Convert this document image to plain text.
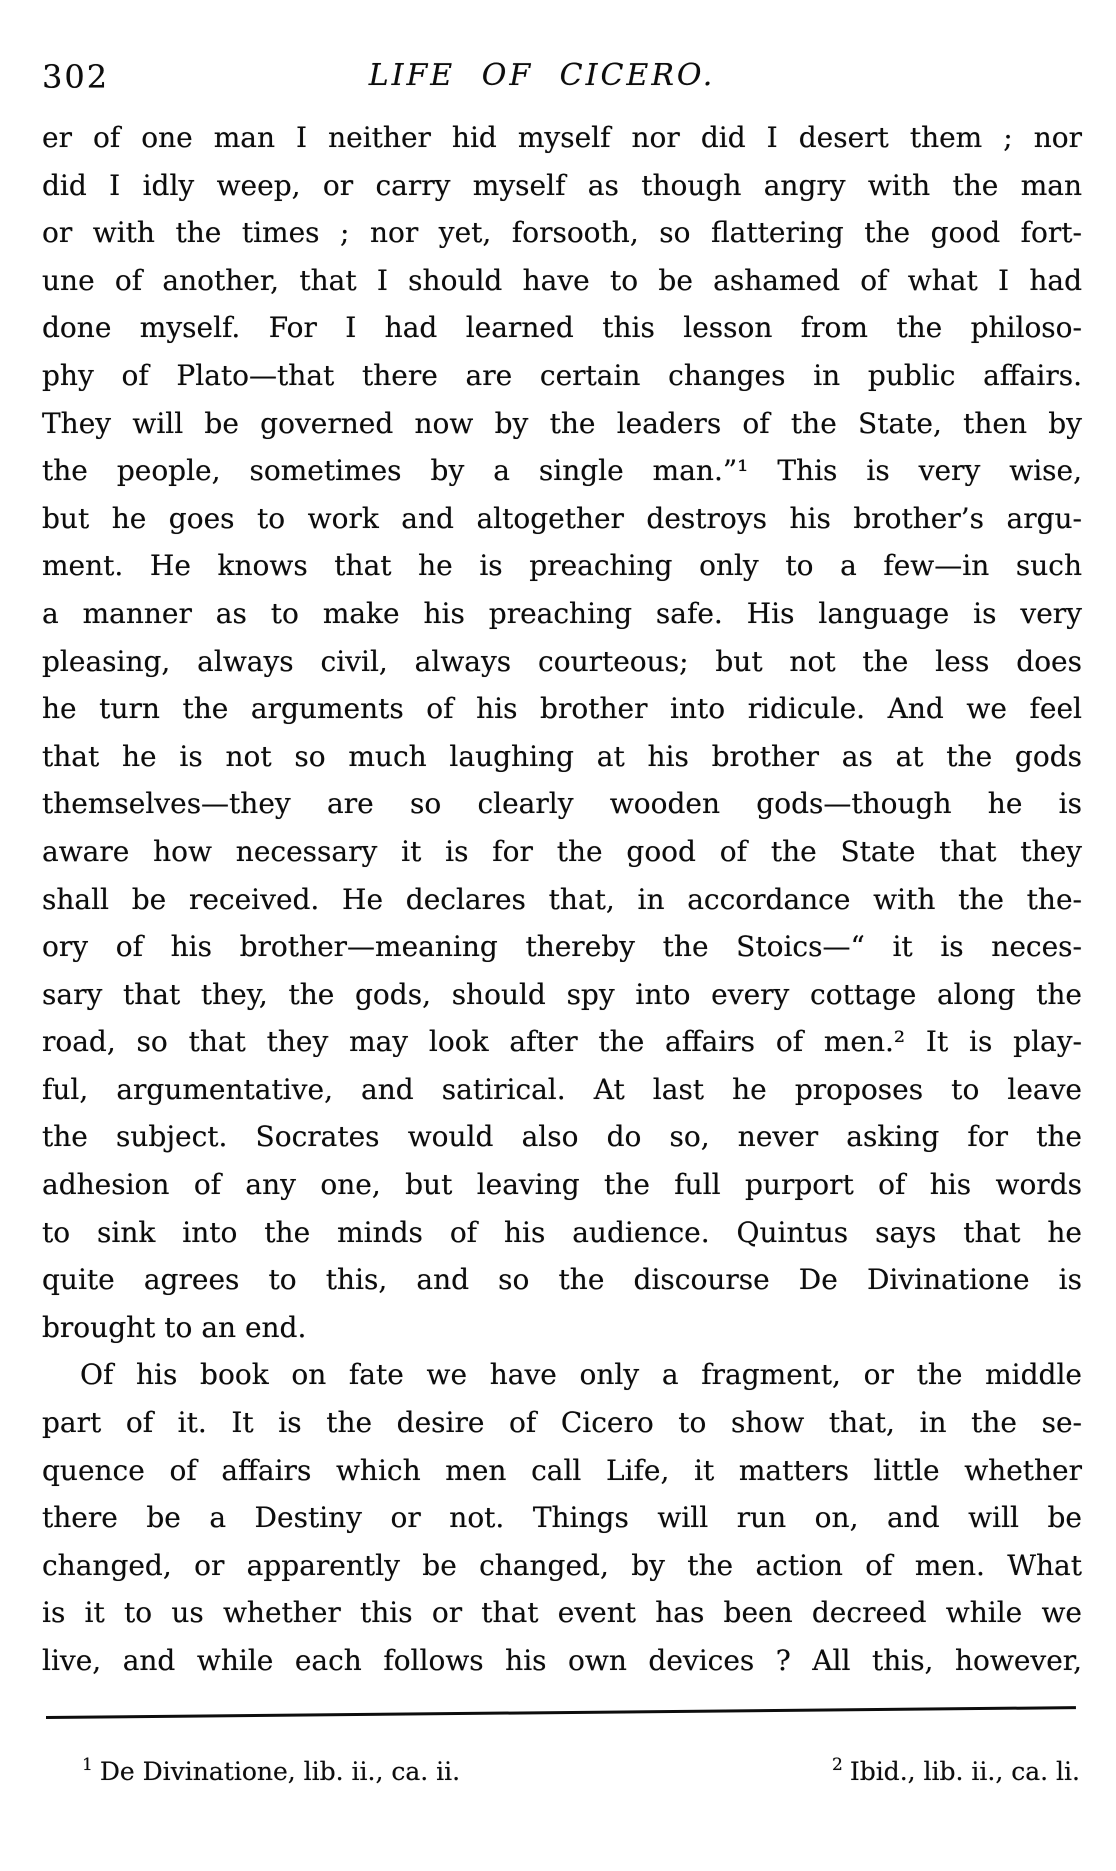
302	LIFE OF CICERO.
er of one man I neither hid myself nor did I desert them ; nor
did I idly weep, or carry myself as though angry with the man
or with the times ; nor yet, forsooth, so flattering the good fort-
une of another, that I should have to be ashamed of what I had
done myself. For I had learned this lesson from the philoso-
phy of Plato—that there are certain changes in public affairs.
They will be governed now by the leaders of the State, then by
the people, sometimes by a single man.”¹ This is very wise,
but he goes to work and altogether destroys his brother’s argu-
ment. He knows that he is preaching only to a few—in such
a manner as to make his preaching safe. His language is very
pleasing, always civil, always courteous; but not the less does
he turn the arguments of his brother into ridicule. And we feel
that he is not so much laughing at his brother as at the gods
themselves—they are so clearly wooden gods—though he is
aware how necessary it is for the good of the State that they
shall be received. He declares that, in accordance with the the-
ory of his brother—meaning thereby the Stoics—“ it is neces-
sary that they, the gods, should spy into every cottage along the
road, so that they may look after the affairs of men.² It is play-
ful, argumentative, and satirical. At last he proposes to leave
the subject. Socrates would also do so, never asking for the
adhesion of any one, but leaving the full purport of his words
to sink into the minds of his audience. Quintus says that he
quite agrees to this, and so the discourse De Divinatione is
brought to an end.
Of his book on fate we have only a fragment, or the middle
part of it. It is the desire of Cicero to show that, in the se-
quence of affairs which men call Life, it matters little whether
there be a Destiny or not. Things will run on, and will be
changed, or apparently be changed, by the action of men. What
is it to us whether this or that event has been decreed while we
live, and while each follows his own devices ? All this, however,
$^1$ De Divinatione, lib. ii., ca. ii.	$^2$ Ibid., lib. ii., ca. li.
